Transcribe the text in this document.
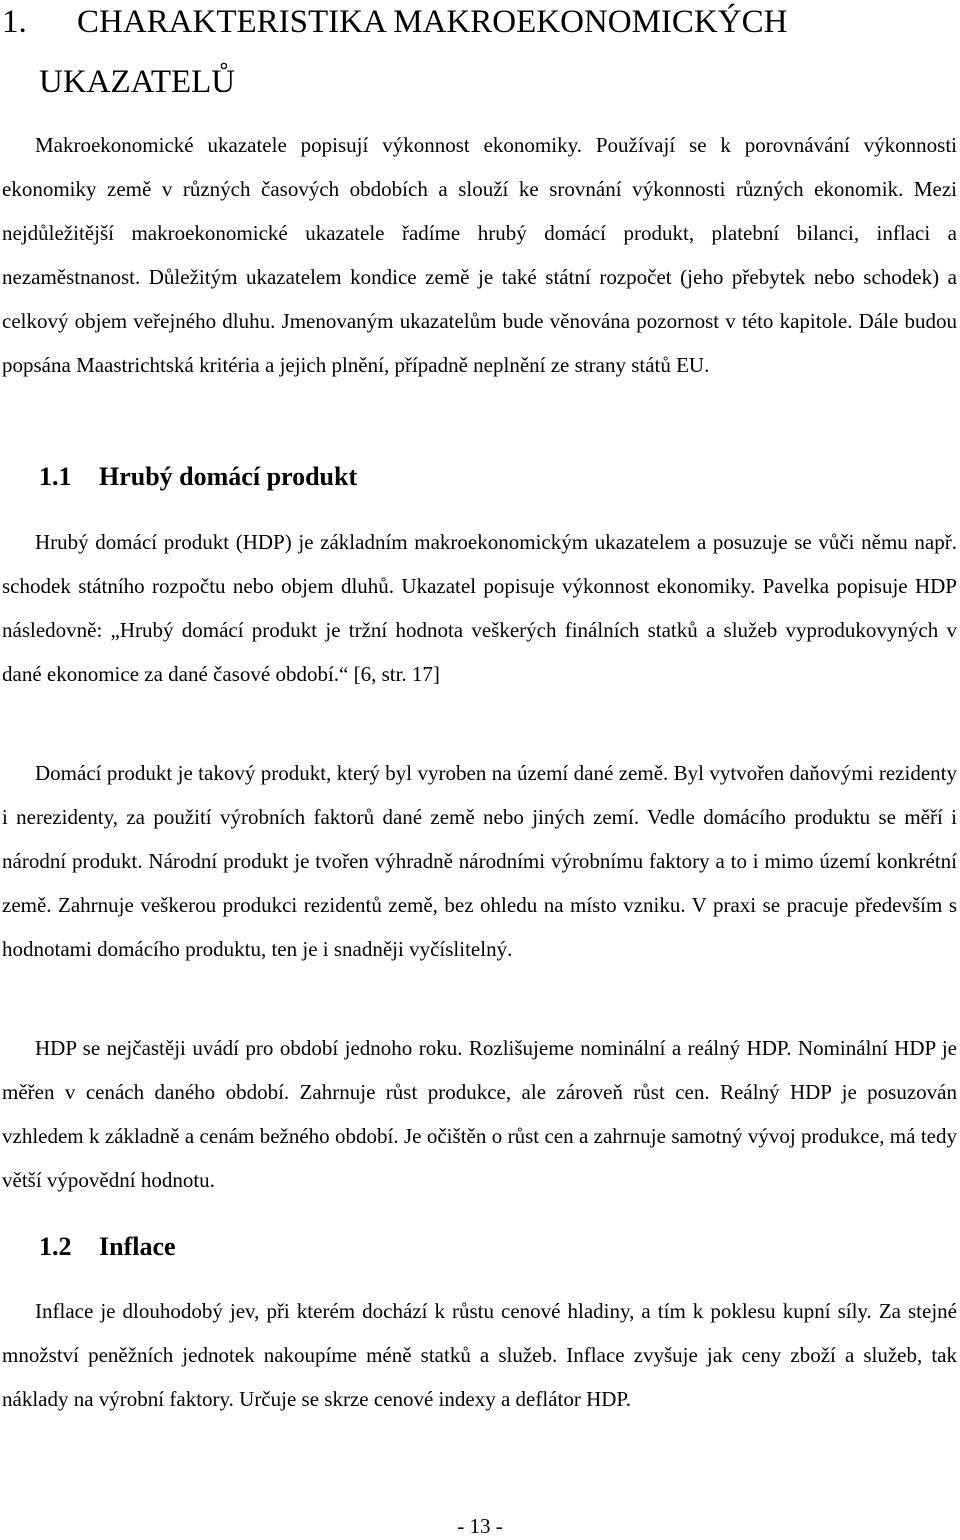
1. CHARAKTERISTIKA MAKROEKONOMICKÝCH
UKAZATELŮ

Makroekonomické ukazatele popisují výkonnost ekonomiky. Používají se k porovnávání výkonnosti ekonomiky země v různých časových obdobích a slouží ke srovnání výkonnosti různých ekonomik. Mezi nejdůležitější makroekonomické ukazatele řadíme hrubý domácí produkt, platební bilanci, inflaci a nezaměstnanost. Důležitým ukazatelem kondice země je také státní rozpočet (jeho přebytek nebo schodek) a celkový objem veřejného dluhu. Jmenovaným ukazatelům bude věnována pozornost v této kapitole. Dále budou popsána Maastrichtská kritéria a jejich plnění, případně neplnění ze strany států EU.

1.1 Hrubý domácí produkt

Hrubý domácí produkt (HDP) je základním makroekonomickým ukazatelem a posuzuje se vůči němu např. schodek státního rozpočtu nebo objem dluhů. Ukazatel popisuje výkonnost ekonomiky. Pavelka popisuje HDP následovně: „Hrubý domácí produkt je tržní hodnota veškerých finálních statků a služeb vyprodukovyných v dané ekonomice za dané časové období.“ [6, str. 17]

Domácí produkt je takový produkt, který byl vyroben na území dané země. Byl vytvořen daňovými rezidenty i nerezidenty, za použití výrobních faktorů dané země nebo jiných zemí. Vedle domácího produktu se měří i národní produkt. Národní produkt je tvořen výhradně národními výrobnímu faktory a to i mimo území konkrétní země. Zahrnuje veškerou produkci rezidentů země, bez ohledu na místo vzniku. V praxi se pracuje především s hodnotami domácího produktu, ten je i snadněji vyčíslitelný.

HDP se nejčastěji uvádí pro období jednoho roku. Rozlišujeme nominální a reálný HDP. Nominální HDP je měřen v cenách daného období. Zahrnuje růst produkce, ale zároveň růst cen. Reálný HDP je posuzován vzhledem k základně a cenám bežného období. Je očištěn o růst cen a zahrnuje samotný vývoj produkce, má tedy větší výpovědní hodnotu.

1.2 Inflace

Inflace je dlouhodobý jev, při kterém dochází k růstu cenové hladiny, a tím k poklesu kupní síly. Za stejné množství peněžních jednotek nakoupíme méně statků a služeb. Inflace zvyšuje jak ceny zboží a služeb, tak náklady na výrobní faktory. Určuje se skrze cenové indexy a deflátor HDP.

- 13 -
